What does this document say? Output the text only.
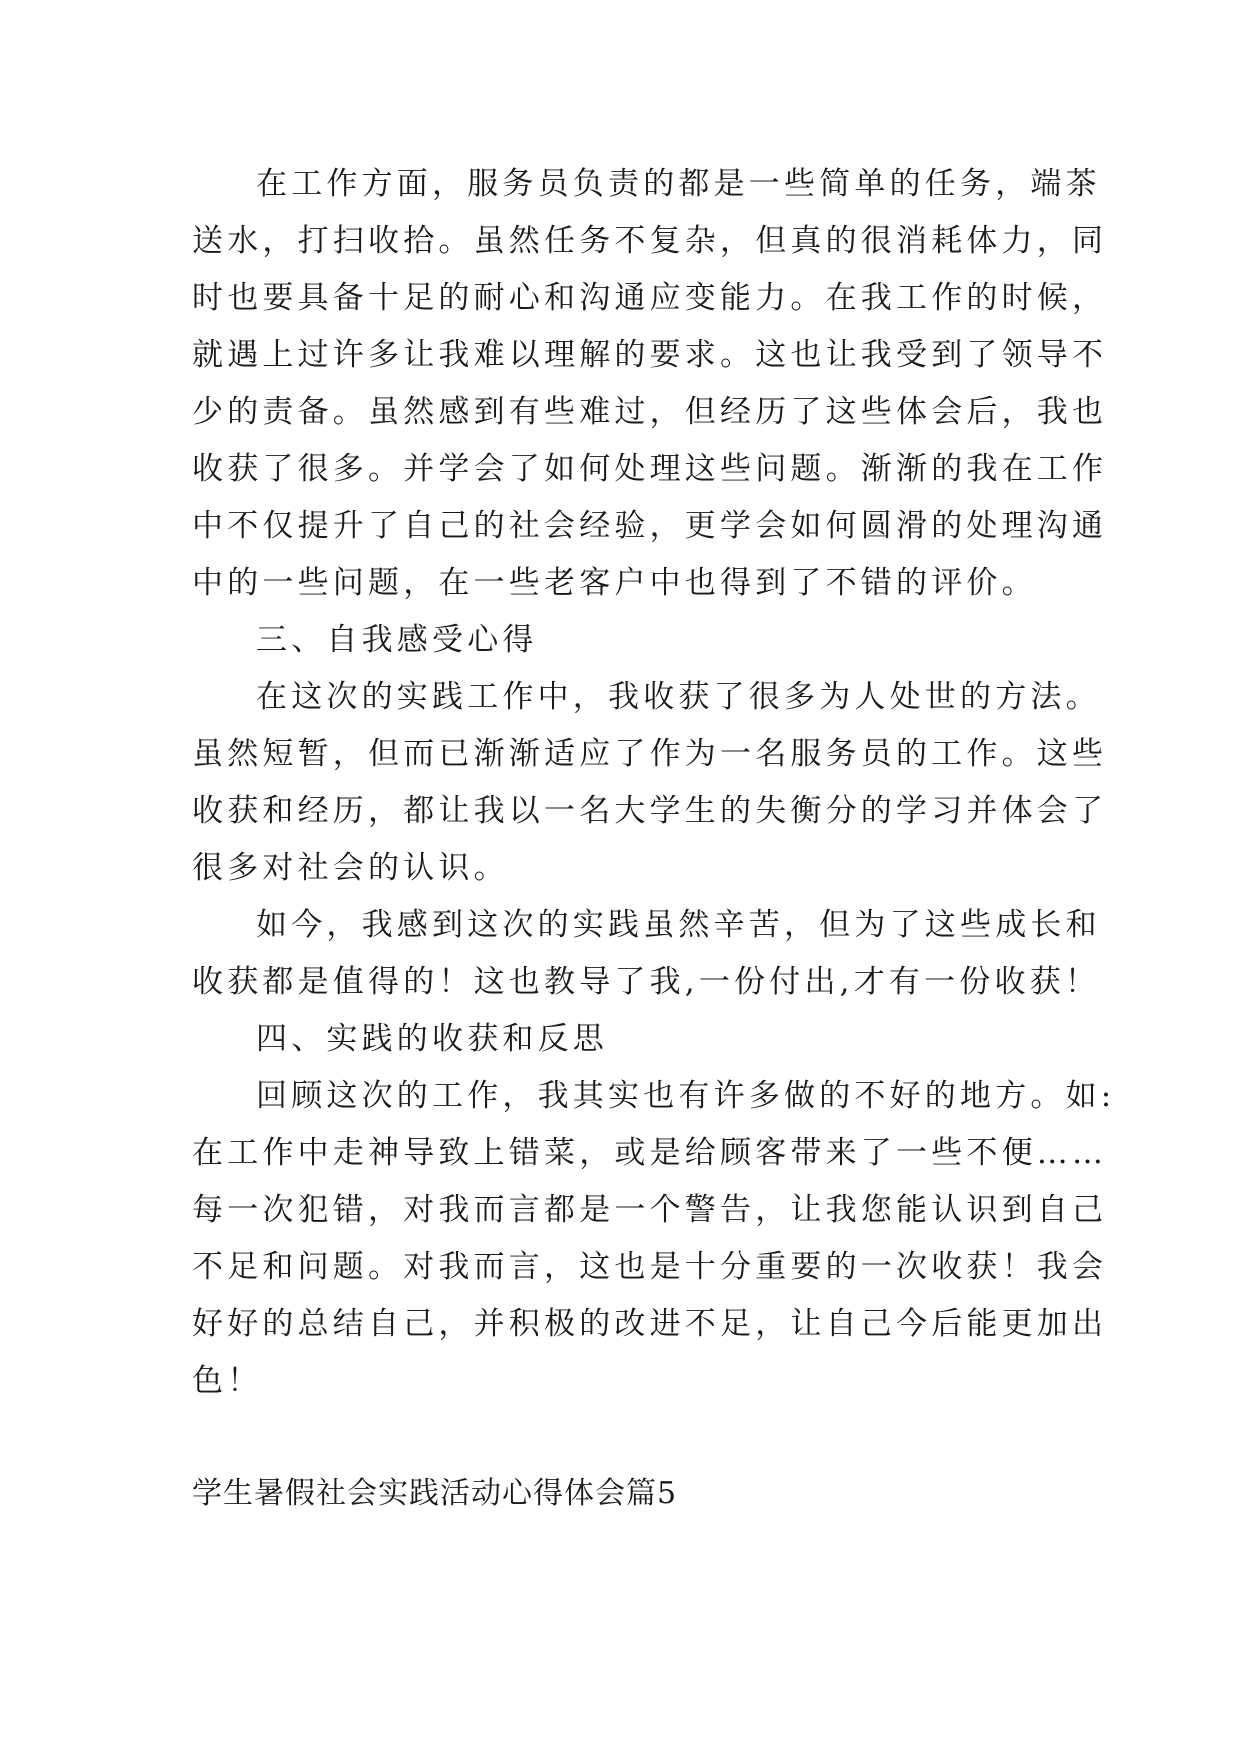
在工作方面，服务员负责的都是一些简单的任务，端茶
送水，打扫收拾。虽然任务不复杂，但真的很消耗体力，同
时也要具备十足的耐心和沟通应变能力。在我工作的时候，
就遇上过许多让我难以理解的要求。这也让我受到了领导不
少的责备。虽然感到有些难过，但经历了这些体会后，我也
收获了很多。并学会了如何处理这些问题。渐渐的我在工作
中不仅提升了自己的社会经验，更学会如何圆滑的处理沟通
中的一些问题，在一些老客户中也得到了不错的评价。
三、自我感受心得
在这次的实践工作中，我收获了很多为人处世的方法。
虽然短暂，但而已渐渐适应了作为一名服务员的工作。这些
收获和经历，都让我以一名大学生的失衡分的学习并体会了
很多对社会的认识。
如今，我感到这次的实践虽然辛苦，但为了这些成长和
收获都是值得的！这也教导了我,一份付出,才有一份收获！
四、实践的收获和反思
回顾这次的工作，我其实也有许多做的不好的地方。如:
在工作中走神导致上错菜，或是给顾客带来了一些不便……
每一次犯错，对我而言都是一个警告，让我您能认识到自己
不足和问题。对我而言，这也是十分重要的一次收获！我会
好好的总结自己，并积极的改进不足，让自己今后能更加出
色！
学生暑假社会实践活动心得体会篇5
